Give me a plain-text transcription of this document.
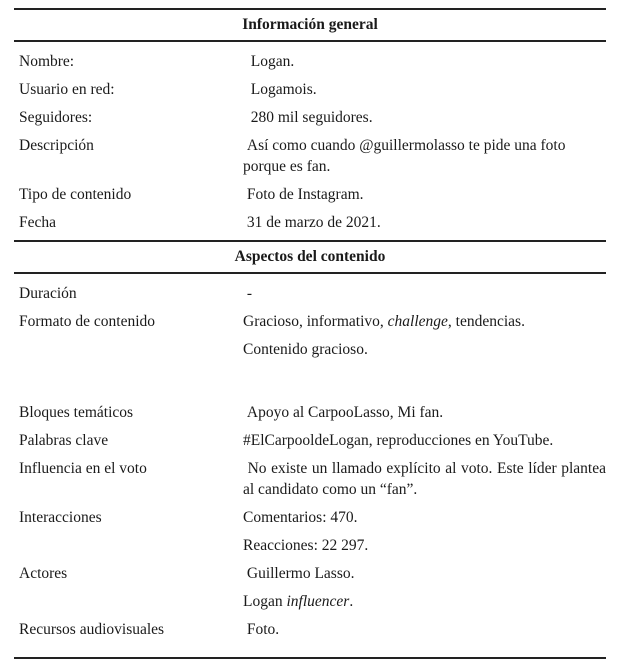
Información general
Nombre:	Logan.
Usuario en red:	Logamois.
Seguidores:	280 mil seguidores.
Descripción	Así como cuando @guillermolasso te pide una foto porque es fan.
Tipo de contenido	Foto de Instagram.
Fecha	31 de marzo de 2021.
Aspectos del contenido
Duración	-
Formato de contenido	Gracioso, informativo, challenge, tendencias.
Contenido gracioso.
Bloques temáticos	Apoyo al CarpooLasso, Mi fan.
Palabras clave	#ElCarpooldeLogan, reproducciones en YouTube.
Influencia en el voto	No existe un llamado explícito al voto. Este líder plantea al candidato como un “fan”.
Interacciones	Comentarios: 470.
Reacciones: 22 297.
Actores	Guillermo Lasso.
Logan influencer.
Recursos audiovisuales	Foto.
